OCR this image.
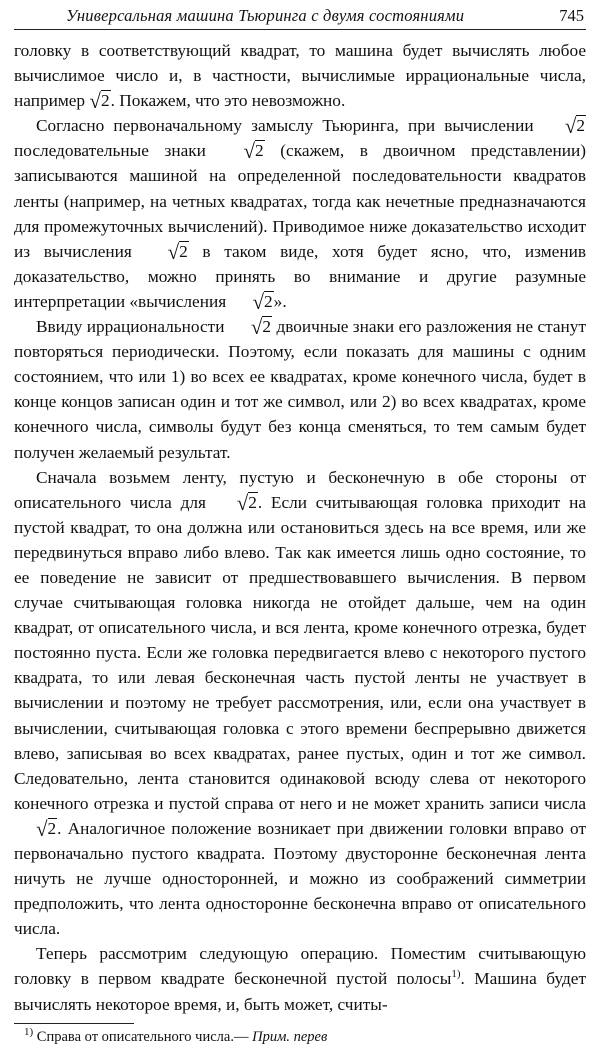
Универсальная машина Тьюринга с двумя состояниями	745

головку в соответствующий квадрат, то машина будет вычислять любое вычислимое число и, в частности, вычислимые иррациональные числа, например √2. Покажем, что это невозможно.

Согласно первоначальному замыслу Тьюринга, при вычислении √2 последовательные знаки √2 (скажем, в двоичном представлении) записываются машиной на определенной последовательности квадратов ленты (например, на четных квадратах, тогда как нечетные предназначаются для промежуточных вычислений). Приводимое ниже доказательство исходит из вычисления √2 в таком виде, хотя будет ясно, что, изменив доказательство, можно принять во внимание и другие разумные интерпретации «вычисления √2».

Ввиду иррациональности √2 двоичные знаки его разложения не станут повторяться периодически. Поэтому, если показать для машины с одним состоянием, что или 1) во всех ее квадратах, кроме конечного числа, будет в конце концов записан один и тот же символ, или 2) во всех квадратах, кроме конечного числа, символы будут без конца сменяться, то тем самым будет получен желаемый результат.

Сначала возьмем ленту, пустую и бесконечную в обе стороны от описательного числа для √2. Если считывающая головка приходит на пустой квадрат, то она должна или остановиться здесь на все время, или же передвинуться вправо либо влево. Так как имеется лишь одно состояние, то ее поведение не зависит от предшествовавшего вычисления. В первом случае считывающая головка никогда не отойдет дальше, чем на один квадрат, от описательного числа, и вся лента, кроме конечного отрезка, будет постоянно пуста. Если же головка передвигается влево с некоторого пустого квадрата, то или левая бесконечная часть пустой ленты не участвует в вычислении и поэтому не требует рассмотрения, или, если она участвует в вычислении, считывающая головка с этого времени беспрерывно движется влево, записывая во всех квадратах, ранее пустых, один и тот же символ. Следовательно, лента становится одинаковой всюду слева от некоторого конечного отрезка и пустой справа от него и не может хранить записи числа √2. Аналогичное положение возникает при движении головки вправо от первоначально пустого квадрата. Поэтому двусторонне бесконечная лента ничуть не лучше односторонней, и можно из соображений симметрии предположить, что лента односторонне бесконечна вправо от описательного числа.

Теперь рассмотрим следующую операцию. Поместим считывающую головку в первом квадрате бесконечной пустой полосы$^{1)}$. Машина будет вычислять некоторое время, и, быть может, считы-

$^{1)}$ Справа от описательного числа.— Прим. перев
